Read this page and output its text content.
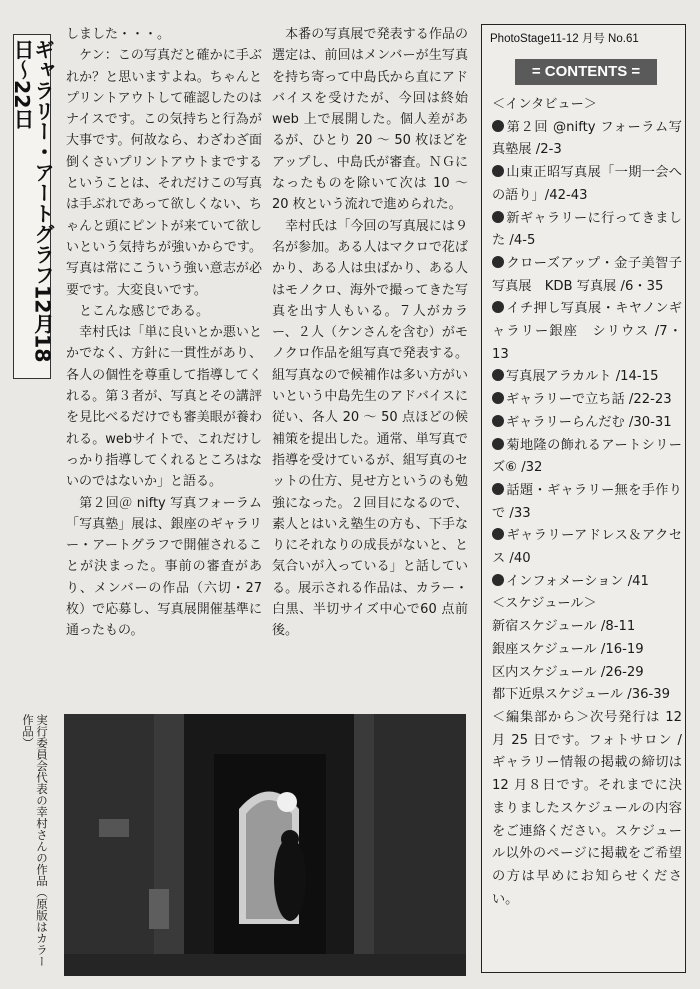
ギャラリー・アートグラフ12月18日〜22日

しました・・・。

　ケン：この写真だと確かに手ぶれか？と思いますよね。ちゃんとプリントアウトして確認したのはナイスです。この気持ちと行為が大事です。何故なら、わざわざ面倒くさいプリントアウトまでするということは、それだけこの写真は手ぶれであって欲しくない、ちゃんと頭にピントが来ていて欲しいという気持ちが強いからです。写真は常にこういう強い意志が必要です。大変良いです。

　とこんな感じである。

　幸村氏は「単に良いとか悪いとかでなく、方針に一貫性があり、各人の個性を尊重して指導してくれる。第３者が、写真とその講評を見比べるだけでも審美眼が養われる。webサイトで、これだけしっかり指導してくれるところはないのではないか」と語る。

　第２回＠ nifty 写真フォーラム「写真塾」展は、銀座のギャラリー・アートグラフで開催されることが決まった。事前の審査があり、メンバーの作品（六切・27 枚）で応募し、写真展開催基準に通ったもの。

　本番の写真展で発表する作品の選定は、前回はメンバーが生写真を持ち寄って中島氏から直にアドバイスを受けたが、今回は終始 web 上で展開した。個人差があるが、ひとり 20 〜 50 枚ほどをアップし、中島氏が審査。ＮＧになったものを除いて次は 10 〜 20 枚という流れで進められた。

　幸村氏は「今回の写真展には９名が参加。ある人はマクロで花ばかり、ある人は虫ばかり、ある人はモノクロ、海外で撮ってきた写真を出す人もいる。７人がカラー、２人（ケンさんを含む）がモノクロ作品を組写真で発表する。組写真なので候補作は多い方がいいという中島先生のアドバイスに従い、各人 20 〜 50 点ほどの候補策を提出した。通常、単写真で指導を受けているが、組写真のセットの仕方、見せ方というのも勉強になった。２回目になるので、素人とはいえ塾生の方も、下手なりにそれなりの成長がないと、と気合いが入っている」と話している。展示される作品は、カラー・白黒、半切サイズ中心で60 点前後。

PhotoStage11-12 月号 No.61
= CONTENTS =
＜インタビュー＞
第２回 @nifty フォーラム写真塾展 /2-3
山東正昭写真展「一期一会への語り」/42-43
新ギャラリーに行ってきました /4-5
クローズアップ・金子美智子写真展　KDB 写真展 /6・35
イチ押し写真展・キヤノンギャラリー銀座　シリウス /7・13
写真展アラカルト /14-15
ギャラリーで立ち話 /22-23
ギャラリーらんだむ /30-31
菊地隆の飾れるアートシリーズ⑥ /32
話題・ギャラリー無を手作りで /33
ギャラリーアドレス＆アクセス /40
インフォメーション /41
＜スケジュール＞
新宿スケジュール /8-11
銀座スケジュール /16-19
区内スケジュール /26-29
都下近県スケジュール /36-39
＜編集部から＞次号発行は 12 月 25 日です。フォトサロン / ギャラリー情報の掲載の締切は 12 月８日です。それまでに決まりましたスケジュールの内容をご連絡ください。スケジュール以外のページに掲載をご希望の方は早めにお知らせください。
実行委員会代表の幸村さんの作品（原版はカラー作品）
